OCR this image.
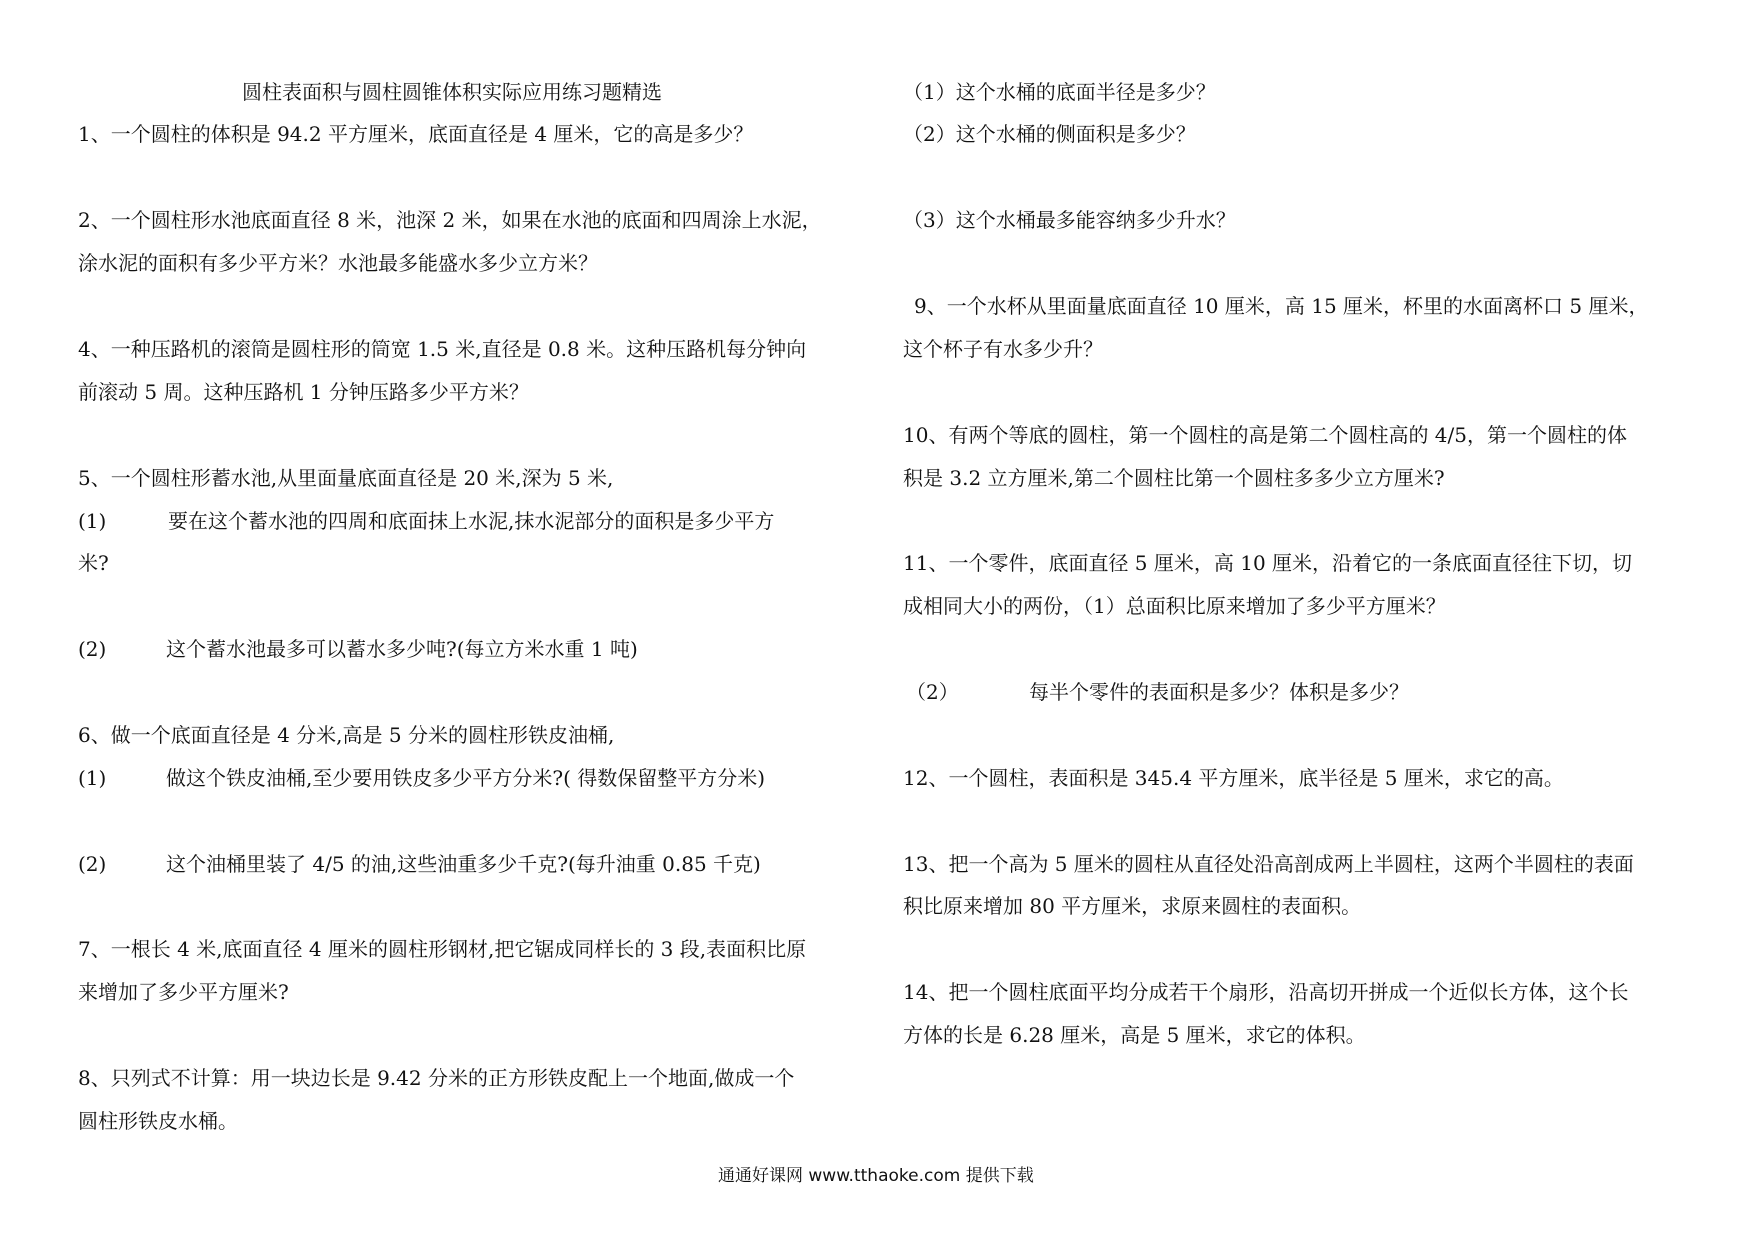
圆柱表面积与圆柱圆锥体积实际应用练习题精选
1、一个圆柱的体积是 94.2 平方厘米，底面直径是 4 厘米，它的高是多少？
2、一个圆柱形水池底面直径 8 米，池深 2 米，如果在水池的底面和四周涂上水泥，
涂水泥的面积有多少平方米？水池最多能盛水多少立方米？
4、一种压路机的滚筒是圆柱形的筒宽 1.5 米,直径是 0.8 米。这种压路机每分钟向
前滚动 5 周。这种压路机 1 分钟压路多少平方米？
5、一个圆柱形蓄水池,从里面量底面直径是 20 米,深为 5 米,
(1)	要在这个蓄水池的四周和底面抹上水泥,抹水泥部分的面积是多少平方
米?
(2)	这个蓄水池最多可以蓄水多少吨?(每立方米水重 1 吨)
6、做一个底面直径是 4 分米,高是 5 分米的圆柱形铁皮油桶,
(1)	做这个铁皮油桶,至少要用铁皮多少平方分米?( 得数保留整平方分米)
(2)	这个油桶里装了 4/5 的油,这些油重多少千克?(每升油重 0.85 千克)
7、一根长 4 米,底面直径 4 厘米的圆柱形钢材,把它锯成同样长的 3 段,表面积比原
来增加了多少平方厘米?
8、只列式不计算：用一块边长是 9.42 分米的正方形铁皮配上一个地面,做成一个
圆柱形铁皮水桶。
（1）这个水桶的底面半径是多少？
（2）这个水桶的侧面积是多少？
（3）这个水桶最多能容纳多少升水？
9、一个水杯从里面量底面直径 10 厘米，高 15 厘米，杯里的水面离杯口 5 厘米，
这个杯子有水多少升？
10、有两个等底的圆柱，第一个圆柱的高是第二个圆柱高的 4/5，第一个圆柱的体
积是 3.2 立方厘米,第二个圆柱比第一个圆柱多多少立方厘米?
11、一个零件，底面直径 5 厘米，高 10 厘米，沿着它的一条底面直径往下切，切
成相同大小的两份，（1）总面积比原来增加了多少平方厘米？
（2）	每半个零件的表面积是多少？体积是多少？
12、一个圆柱，表面积是 345.4 平方厘米，底半径是 5 厘米，求它的高。
13、把一个高为 5 厘米的圆柱从直径处沿高剖成两上半圆柱，这两个半圆柱的表面
积比原来增加 80 平方厘米，求原来圆柱的表面积。
14、把一个圆柱底面平均分成若干个扇形，沿高切开拼成一个近似长方体，这个长
方体的长是 6.28 厘米，高是 5 厘米，求它的体积。
通通好课网 www.tthaoke.com 提供下载
